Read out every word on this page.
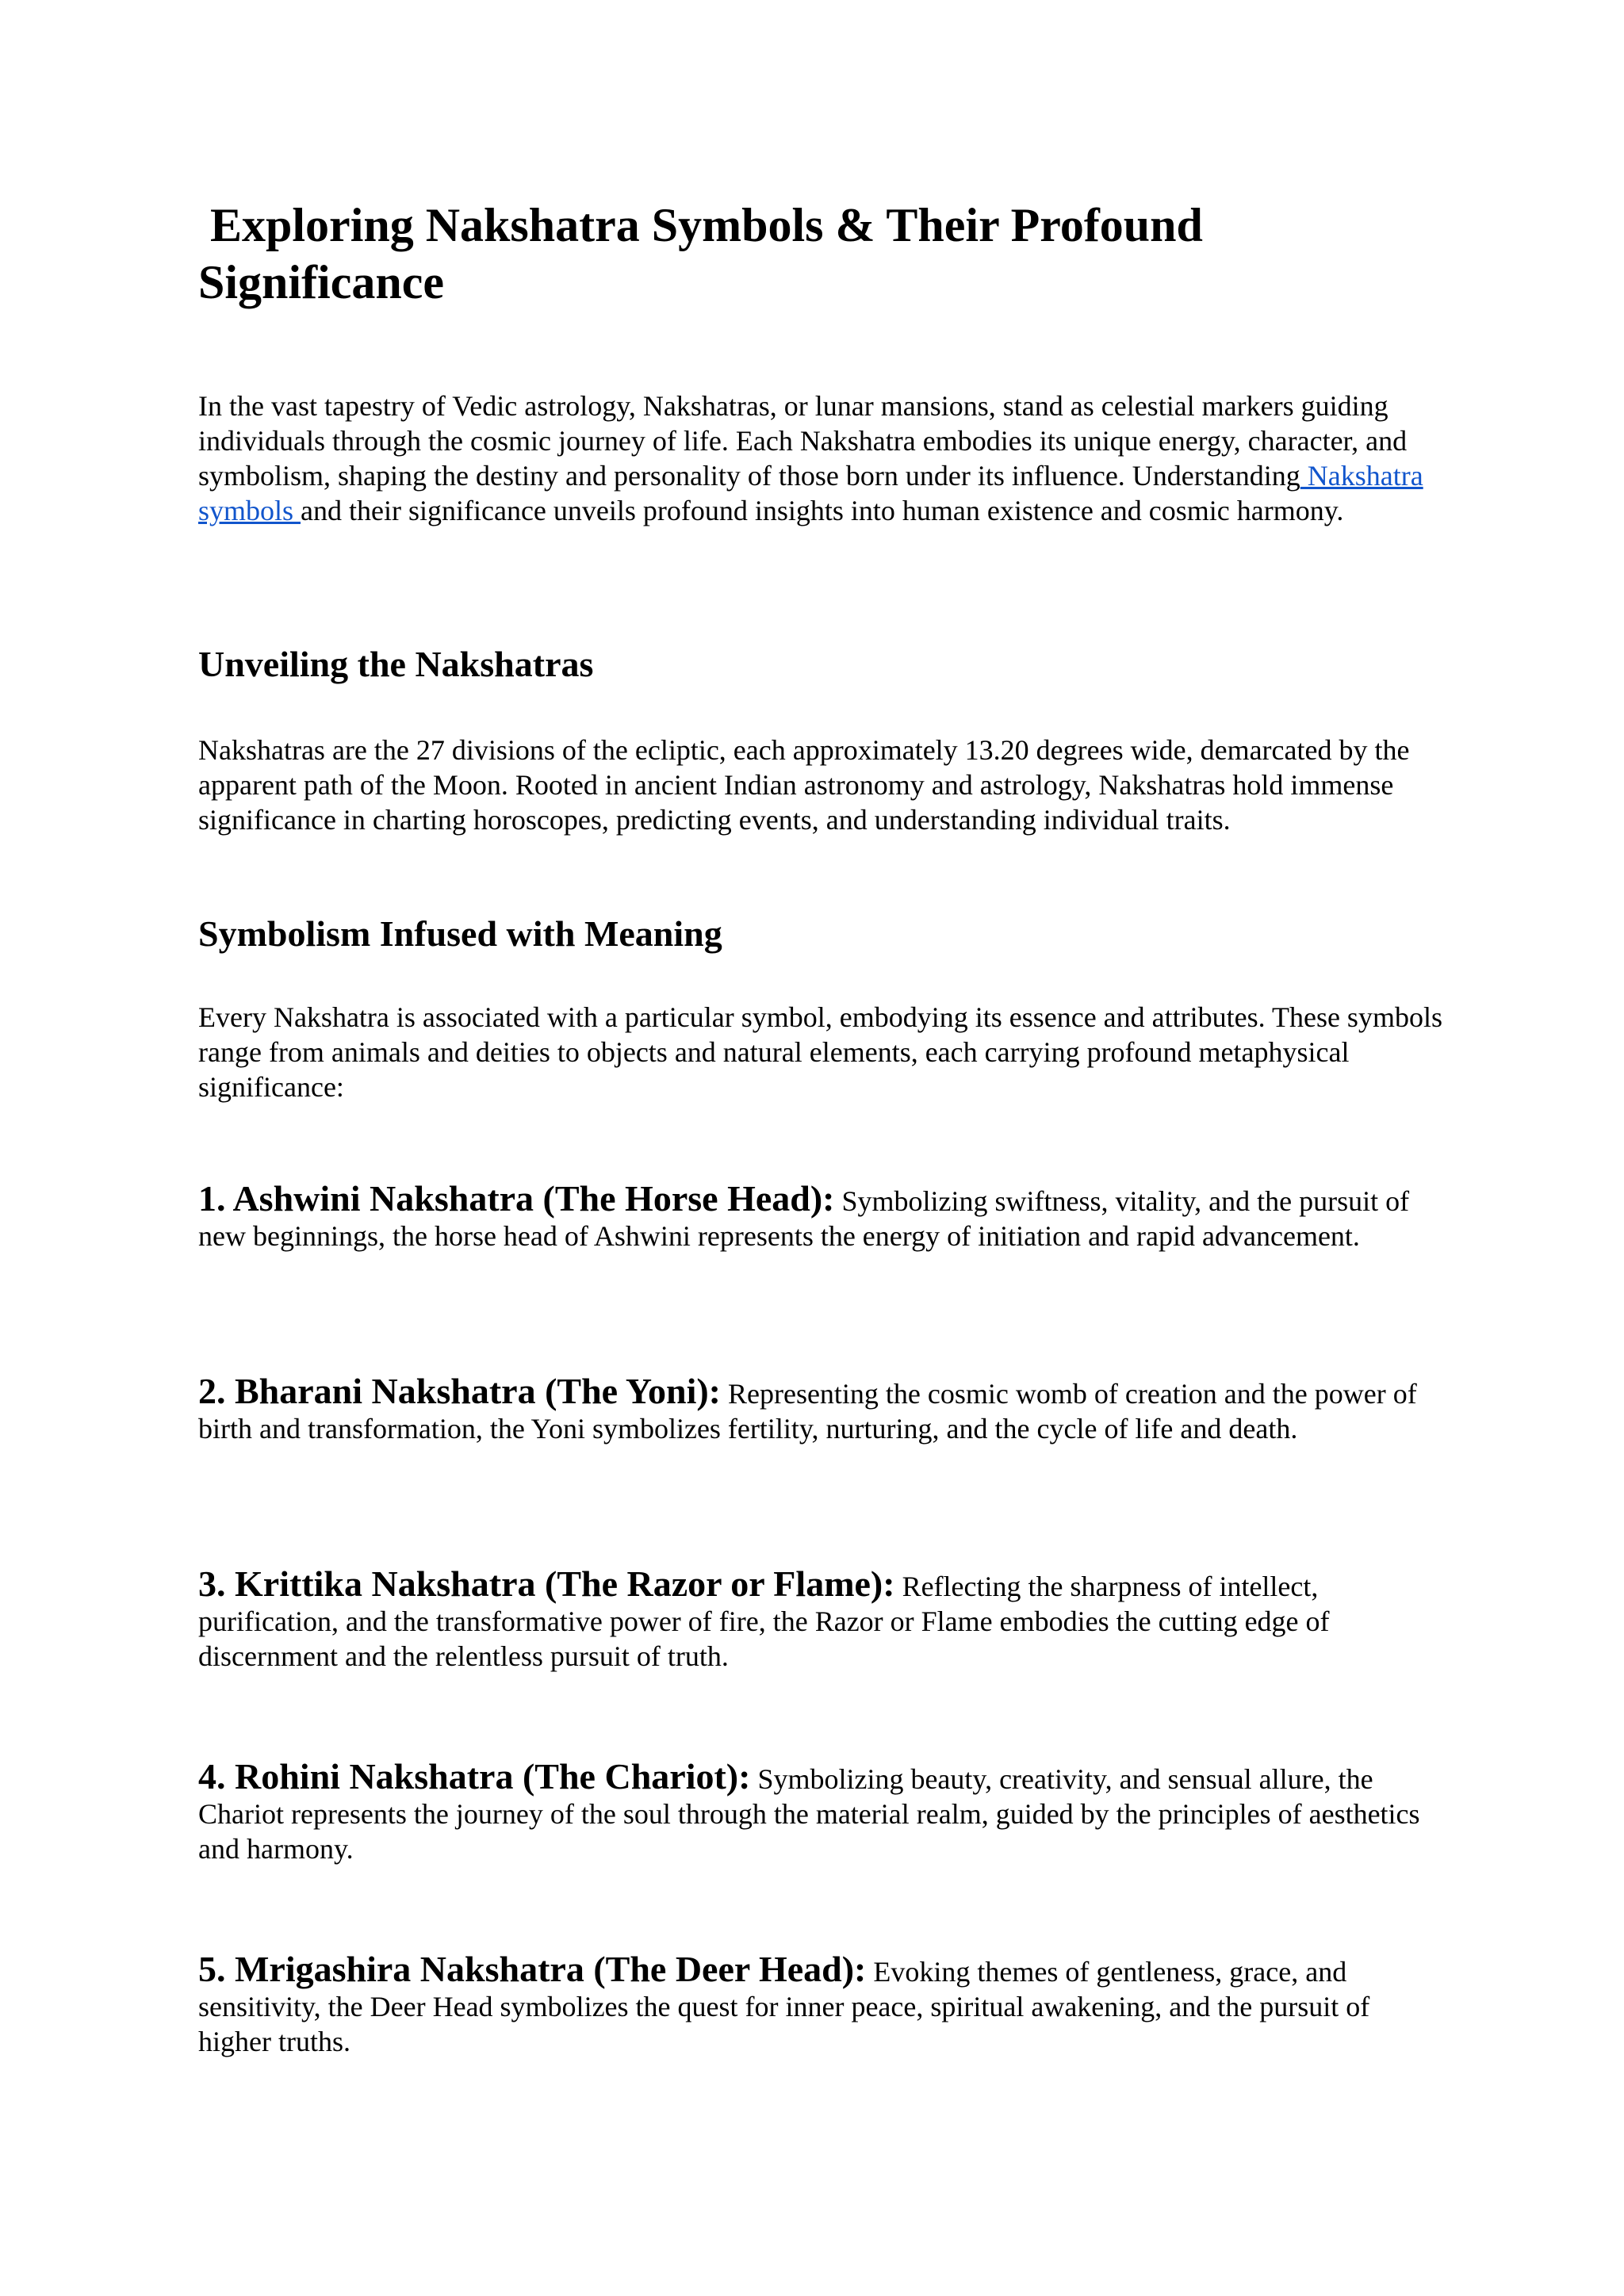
Exploring Nakshatra Symbols & Their Profound Significance

In the vast tapestry of Vedic astrology, Nakshatras, or lunar mansions, stand as celestial markers guiding individuals through the cosmic journey of life. Each Nakshatra embodies its unique energy, character, and symbolism, shaping the destiny and personality of those born under its influence. Understanding Nakshatra symbols and their significance unveils profound insights into human existence and cosmic harmony.

Unveiling the Nakshatras

Nakshatras are the 27 divisions of the ecliptic, each approximately 13.20 degrees wide, demarcated by the apparent path of the Moon. Rooted in ancient Indian astronomy and astrology, Nakshatras hold immense significance in charting horoscopes, predicting events, and understanding individual traits.

Symbolism Infused with Meaning

Every Nakshatra is associated with a particular symbol, embodying its essence and attributes. These symbols range from animals and deities to objects and natural elements, each carrying profound metaphysical significance:

1. Ashwini Nakshatra (The Horse Head): Symbolizing swiftness, vitality, and the pursuit of new beginnings, the horse head of Ashwini represents the energy of initiation and rapid advancement.

2. Bharani Nakshatra (The Yoni): Representing the cosmic womb of creation and the power of birth and transformation, the Yoni symbolizes fertility, nurturing, and the cycle of life and death.

3. Krittika Nakshatra (The Razor or Flame): Reflecting the sharpness of intellect, purification, and the transformative power of fire, the Razor or Flame embodies the cutting edge of discernment and the relentless pursuit of truth.

4. Rohini Nakshatra (The Chariot): Symbolizing beauty, creativity, and sensual allure, the Chariot represents the journey of the soul through the material realm, guided by the principles of aesthetics and harmony.

5. Mrigashira Nakshatra (The Deer Head): Evoking themes of gentleness, grace, and sensitivity, the Deer Head symbolizes the quest for inner peace, spiritual awakening, and the pursuit of higher truths.
